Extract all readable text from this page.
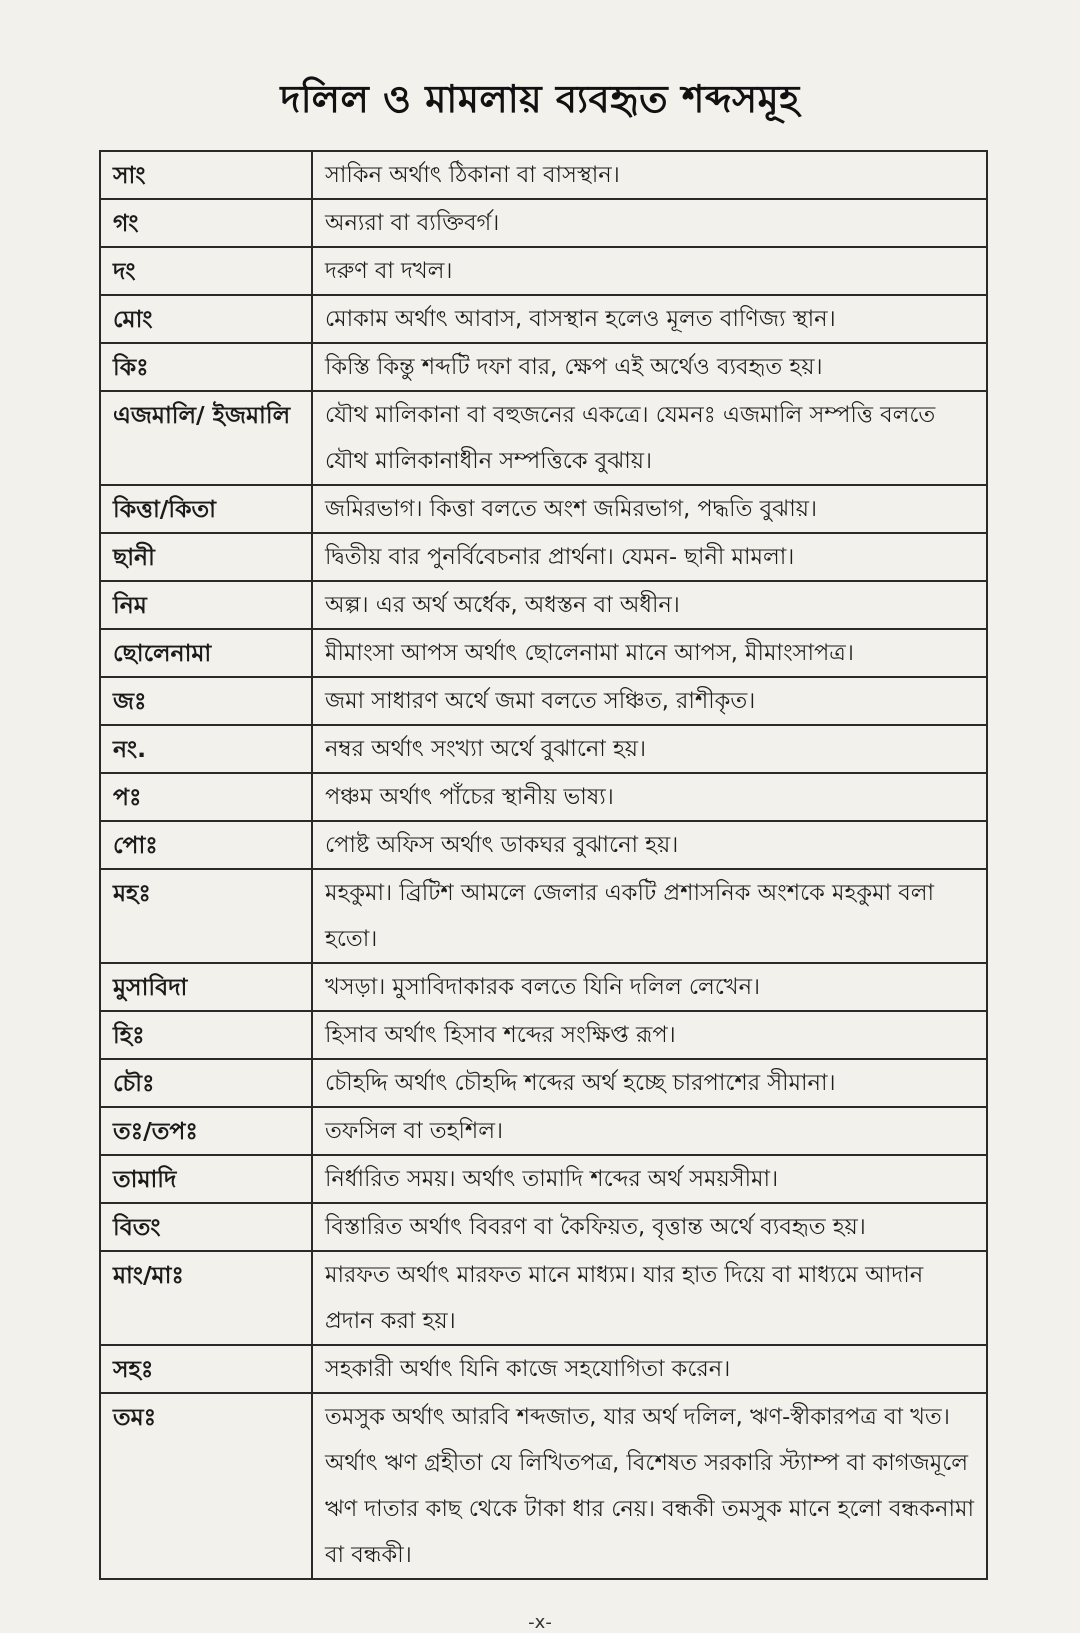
দলিল ও মামলায় ব্যবহৃত শব্দসমূহ
সাং	সাকিন অর্থাৎ ঠিকানা বা বাসস্থান।
গং	অন্যরা বা ব্যক্তিবর্গ।
দং	দরুণ বা দখল।
মোং	মোকাম অর্থাৎ আবাস, বাসস্থান হলেও মূলত বাণিজ্য স্থান।
কিঃ	কিস্তি কিন্তু শব্দটি দফা বার, ক্ষেপ এই অর্থেও ব্যবহৃত হয়।
এজমালি/ ইজমালি	যৌথ মালিকানা বা বহুজনের একত্রে। যেমনঃ এজমালি সম্পত্তি বলতে যৌথ মালিকানাধীন সম্পত্তিকে বুঝায়।
কিত্তা/কিতা	জমিরভাগ। কিত্তা বলতে অংশ জমিরভাগ, পদ্ধতি বুঝায়।
ছানী	দ্বিতীয় বার পুনর্বিবেচনার প্রার্থনা। যেমন- ছানী মামলা।
নিম	অল্প। এর অর্থ অর্ধেক, অধস্তন বা অধীন।
ছোলেনামা	মীমাংসা আপস অর্থাৎ ছোলেনামা মানে আপস, মীমাংসাপত্র।
জঃ	জমা সাধারণ অর্থে জমা বলতে সঞ্চিত, রাশীকৃত।
নং.	নম্বর অর্থাৎ সংখ্যা অর্থে বুঝানো হয়।
পঃ	পঞ্চম অর্থাৎ পাঁচের স্থানীয় ভাষ্য।
পোঃ	পোষ্ট অফিস অর্থাৎ ডাকঘর বুঝানো হয়।
মহঃ	মহকুমা। ব্রিটিশ আমলে জেলার একটি প্রশাসনিক অংশকে মহকুমা বলা হতো।
মুসাবিদা	খসড়া। মুসাবিদাকারক বলতে যিনি দলিল লেখেন।
হিঃ	হিসাব অর্থাৎ হিসাব শব্দের সংক্ষিপ্ত রূপ।
চৌঃ	চৌহদ্দি অর্থাৎ চৌহদ্দি শব্দের অর্থ হচ্ছে চারপাশের সীমানা।
তঃ/তপঃ	তফসিল বা তহশিল।
তামাদি	নির্ধারিত সময়। অর্থাৎ তামাদি শব্দের অর্থ সময়সীমা।
বিতং	বিস্তারিত অর্থাৎ বিবরণ বা কৈফিয়ত, বৃত্তান্ত অর্থে ব্যবহৃত হয়।
মাং/মাঃ	মারফত অর্থাৎ মারফত মানে মাধ্যম। যার হাত দিয়ে বা মাধ্যমে আদান প্রদান করা হয়।
সহঃ	সহকারী অর্থাৎ যিনি কাজে সহযোগিতা করেন।
তমঃ	তমসুক অর্থাৎ আরবি শব্দজাত, যার অর্থ দলিল, ঋণ-স্বীকারপত্র বা খত। অর্থাৎ ঋণ গ্রহীতা যে লিখিতপত্র, বিশেষত সরকারি স্ট্যাম্প বা কাগজমূলে ঋণ দাতার কাছ থেকে টাকা ধার নেয়। বন্ধকী তমসুক মানে হলো বন্ধকনামা বা বন্ধকী।
-x-
